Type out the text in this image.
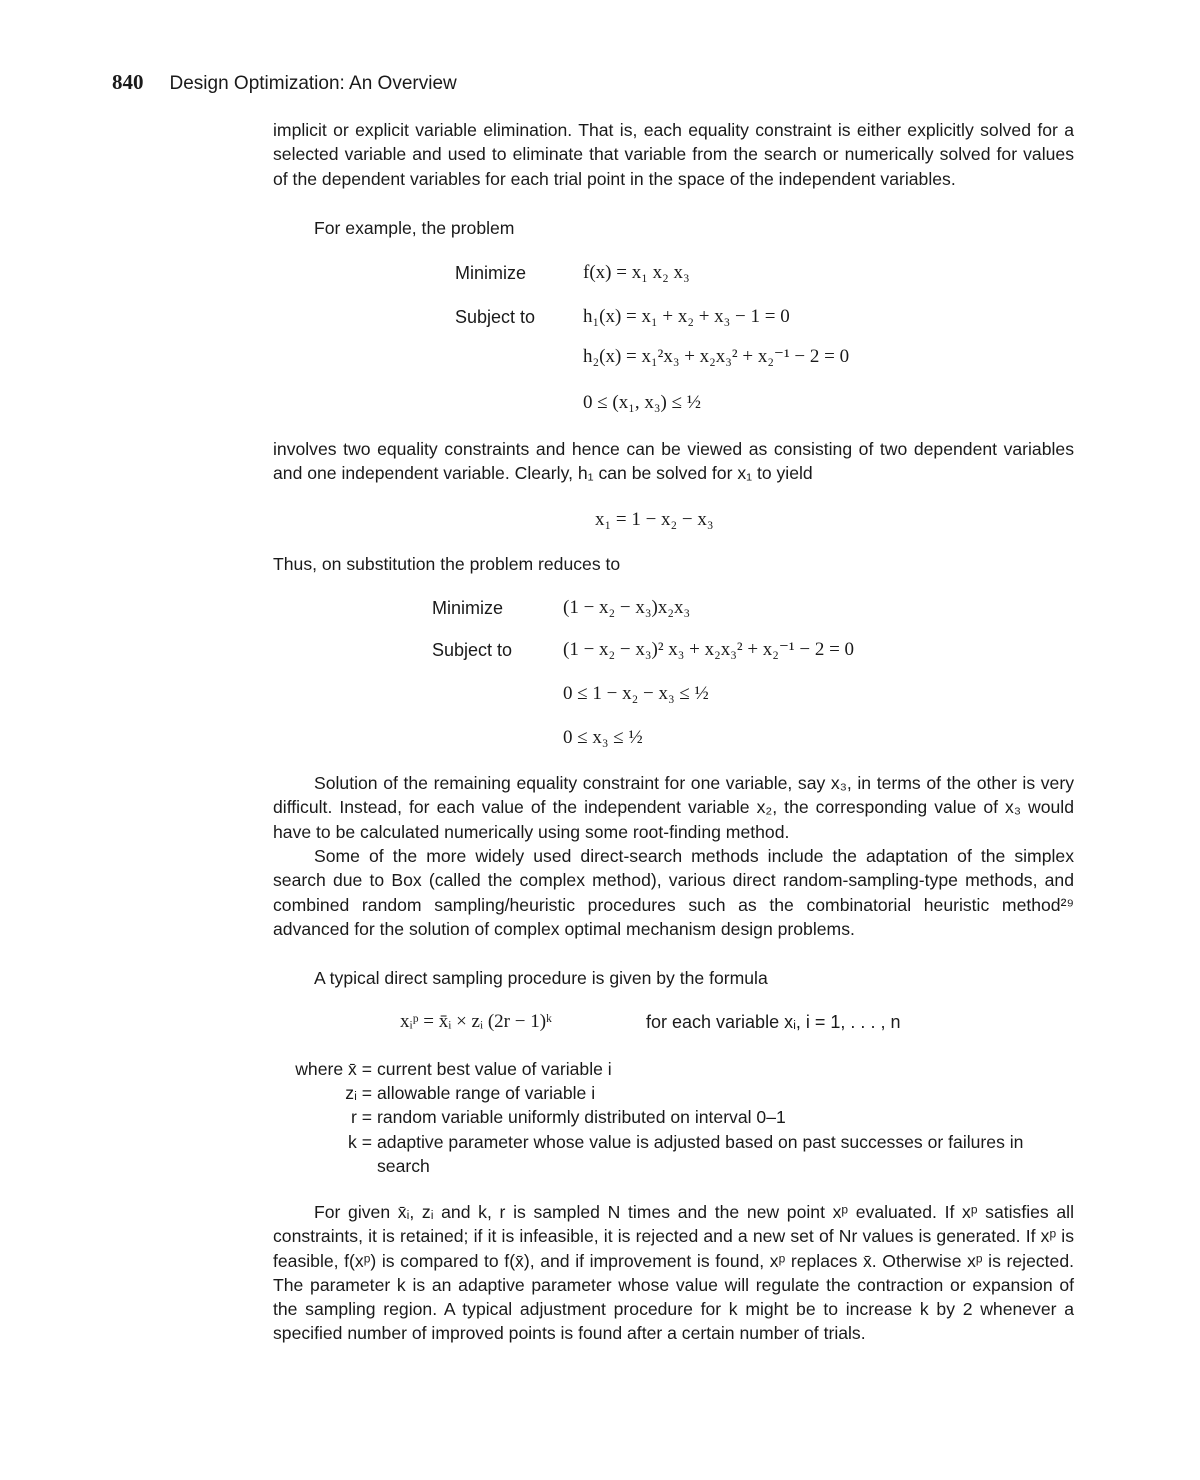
840 Design Optimization: An Overview

implicit or explicit variable elimination. That is, each equality constraint is either explicitly solved for a selected variable and used to eliminate that variable from the search or numerically solved for values of the dependent variables for each trial point in the space of the independent variables.

For example, the problem

Minimize	f(x) = x₁ x₂ x₃
Subject to	h₁(x) = x₁ + x₂ + x₃ − 1 = 0
h₂(x) = x₁²x₃ + x₂x₃² + x₂⁻¹ − 2 = 0
0 ≤ (x₁, x₃) ≤ ½

involves two equality constraints and hence can be viewed as consisting of two dependent variables and one independent variable. Clearly, h₁ can be solved for x₁ to yield

x₁ = 1 − x₂ − x₃

Thus, on substitution the problem reduces to

Minimize	(1 − x₂ − x₃)x₂x₃
Subject to	(1 − x₂ − x₃)² x₃ + x₂x₃² + x₂⁻¹ − 2 = 0
0 ≤ 1 − x₂ − x₃ ≤ ½
0 ≤ x₃ ≤ ½

Solution of the remaining equality constraint for one variable, say x₃, in terms of the other is very difficult. Instead, for each value of the independent variable x₂, the corresponding value of x₃ would have to be calculated numerically using some root-finding method.

Some of the more widely used direct-search methods include the adaptation of the simplex search due to Box (called the complex method), various direct random-sampling-type methods, and combined random sampling/heuristic procedures such as the combinatorial heuristic method²⁹ advanced for the solution of complex optimal mechanism design problems.

A typical direct sampling procedure is given by the formula

xᵢᵖ = x̄ᵢ × zᵢ (2r − 1)ᵏ	for each variable xᵢ, i = 1, . . . , n
where x̄ = current best value of variable i
zᵢ = allowable range of variable i
r = random variable uniformly distributed on interval 0–1
k = adaptive parameter whose value is adjusted based on past successes or failures in search

For given x̄ᵢ, zᵢ and k, r is sampled N times and the new point xᵖ evaluated. If xᵖ satisfies all constraints, it is retained; if it is infeasible, it is rejected and a new set of Nr values is generated. If xᵖ is feasible, f(xᵖ) is compared to f(x̄), and if improvement is found, xᵖ replaces x̄. Otherwise xᵖ is rejected. The parameter k is an adaptive parameter whose value will regulate the contraction or expansion of the sampling region. A typical adjustment procedure for k might be to increase k by 2 whenever a specified number of improved points is found after a certain number of trials.
